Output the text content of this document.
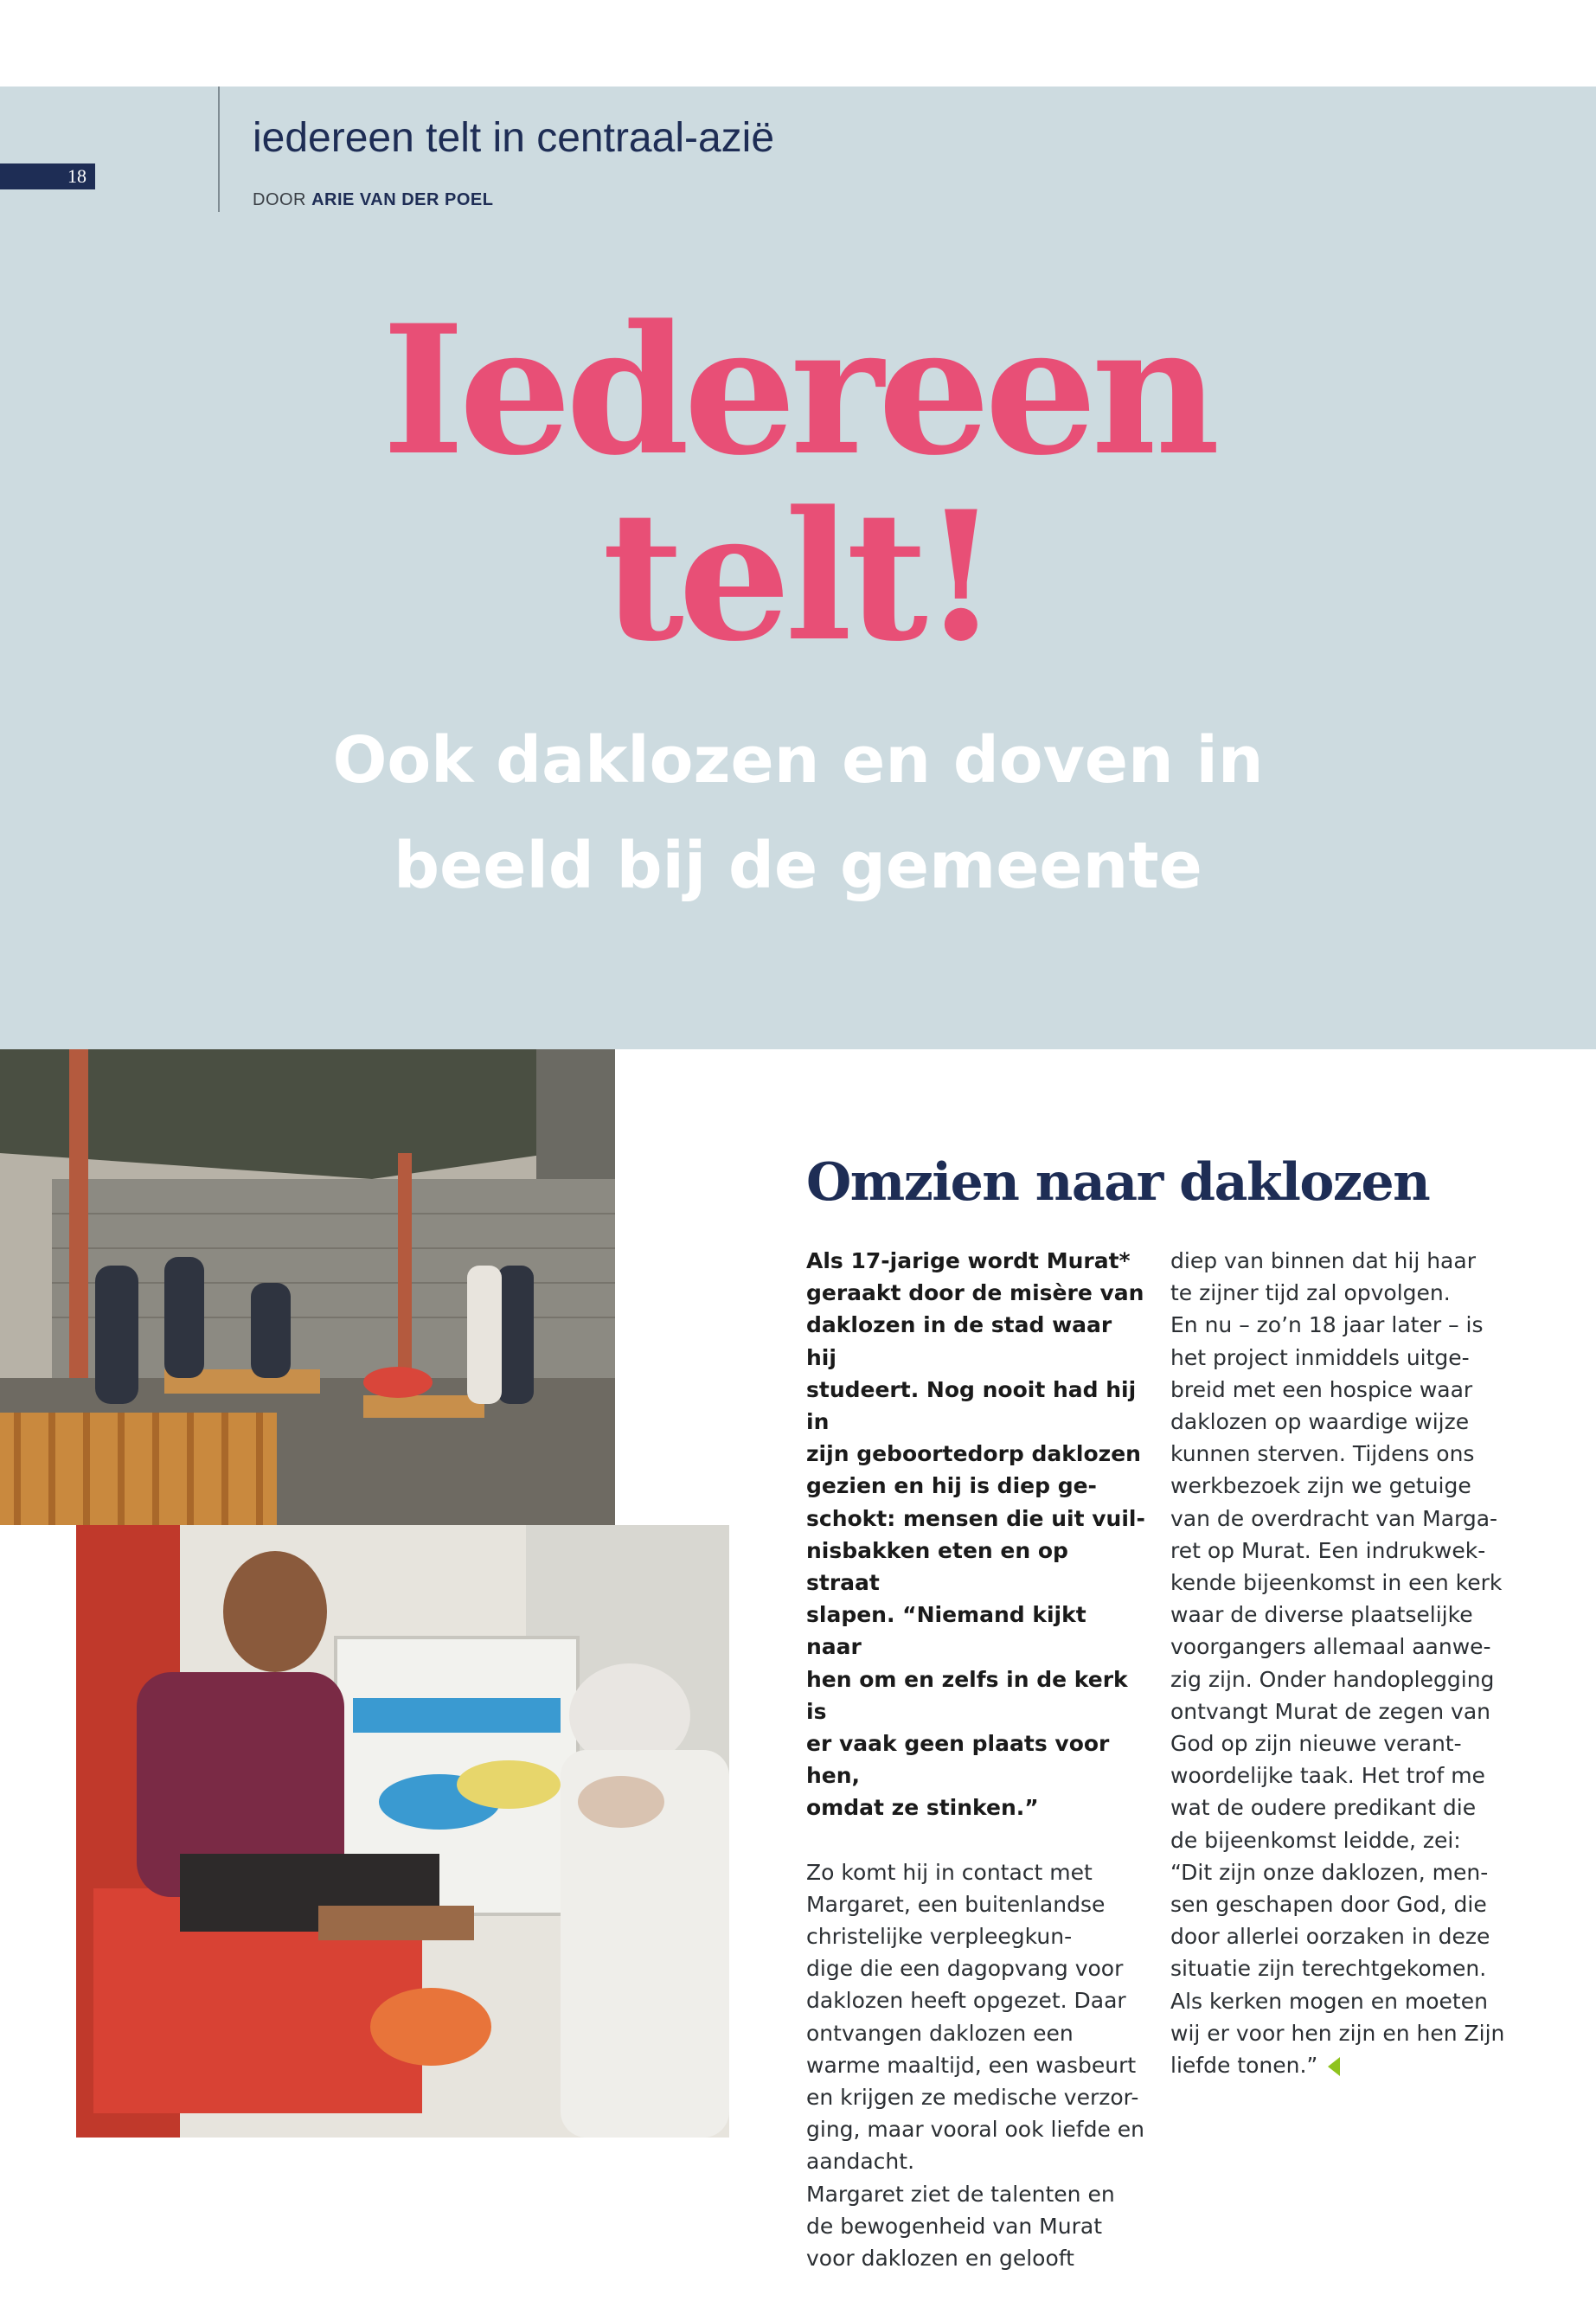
18
iedereen telt in centraal-azië
DOOR ARIE VAN DER POEL
Iedereen
telt!
Ook daklozen en doven in
beeld bij de gemeente
Omzien naar daklozen

Als 17-jarige wordt Murat*
geraakt door de misère van
daklozen in de stad waar hij
studeert. Nog nooit had hij in
zijn geboortedorp daklozen
gezien en hij is diep ge-
schokt: mensen die uit vuil-
nisbakken eten en op straat
slapen. “Niemand kijkt naar
hen om en zelfs in de kerk is
er vaak geen plaats voor hen,
omdat ze stinken.”

Zo komt hij in contact met
Margaret, een buitenlandse
christelijke verpleegkun-
dige die een dagopvang voor
daklozen heeft opgezet. Daar
ontvangen daklozen een
warme maaltijd, een wasbeurt
en krijgen ze medische verzor-
ging, maar vooral ook liefde en
aandacht.
Margaret ziet de talenten en
de bewogenheid van Murat
voor daklozen en gelooft

diep van binnen dat hij haar
te zijner tijd zal opvolgen.
En nu – zo’n 18 jaar later – is
het project inmiddels uitge-
breid met een hospice waar
daklozen op waardige wijze
kunnen sterven. Tijdens ons
werkbezoek zijn we getuige
van de overdracht van Marga-
ret op Murat. Een indrukwek-
kende bijeenkomst in een kerk
waar de diverse plaatselijke
voorgangers allemaal aanwe-
zig zijn. Onder handoplegging
ontvangt Murat de zegen van
God op zijn nieuwe verant-
woordelijke taak. Het trof me
wat de oudere predikant die
de bijeenkomst leidde, zei:
“Dit zijn onze daklozen, men-
sen geschapen door God, die
door allerlei oorzaken in deze
situatie zijn terechtgekomen.
Als kerken mogen en moeten
wij er voor hen zijn en hen Zijn
liefde tonen.”
